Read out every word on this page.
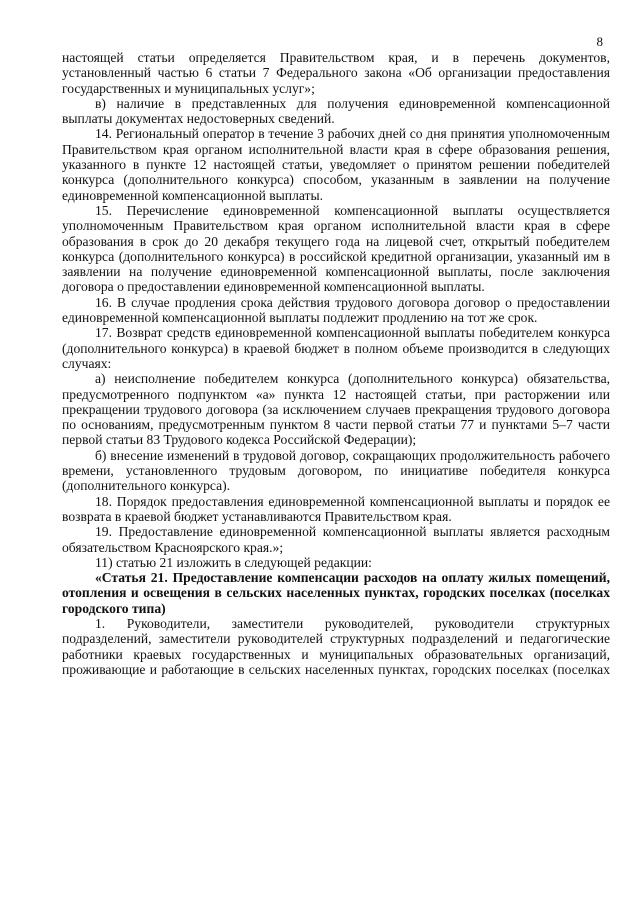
8

настоящей статьи определяется Правительством края, и в перечень документов, установленный частью 6 статьи 7 Федерального закона «Об организации предоставления государственных и муниципальных услуг»;

в) наличие в представленных для получения единовременной компенсационной выплаты документах недостоверных сведений.

14. Региональный оператор в течение 3 рабочих дней со дня принятия уполномоченным Правительством края органом исполнительной власти края в сфере образования решения, указанного в пункте 12 настоящей статьи, уведомляет о принятом решении победителей конкурса (дополнительного конкурса) способом, указанным в заявлении на получение единовременной компенсационной выплаты.

15. Перечисление единовременной компенсационной выплаты осуществляется уполномоченным Правительством края органом исполнительной власти края в сфере образования в срок до 20 декабря текущего года на лицевой счет, открытый победителем конкурса (дополнительного конкурса) в российской кредитной организации, указанный им в заявлении на получение единовременной компенсационной выплаты, после заключения договора о предоставлении единовременной компенсационной выплаты.

16. В случае продления срока действия трудового договора договор о предоставлении единовременной компенсационной выплаты подлежит продлению на тот же срок.

17. Возврат средств единовременной компенсационной выплаты победителем конкурса (дополнительного конкурса) в краевой бюджет в полном объеме производится в следующих случаях:

а) неисполнение победителем конкурса (дополнительного конкурса) обязательства, предусмотренного подпунктом «а» пункта 12 настоящей статьи, при расторжении или прекращении трудового договора (за исключением случаев прекращения трудового договора по основаниям, предусмотренным пунктом 8 части первой статьи 77 и пунктами 5–7 части первой статьи 83 Трудового кодекса Российской Федерации);

б) внесение изменений в трудовой договор, сокращающих продолжительность рабочего времени, установленного трудовым договором, по инициативе победителя конкурса (дополнительного конкурса).

18. Порядок предоставления единовременной компенсационной выплаты и порядок ее возврата в краевой бюджет устанавливаются Правительством края.

19. Предоставление единовременной компенсационной выплаты является расходным обязательством Красноярского края.»;

11) статью 21 изложить в следующей редакции:

«Статья 21. Предоставление компенсации расходов на оплату жилых помещений, отопления и освещения в сельских населенных пунктах, городских поселках (поселках городского типа)

1. Руководители, заместители руководителей, руководители структурных подразделений, заместители руководителей структурных подразделений и педагогические работники краевых государственных и муниципальных образовательных организаций, проживающие и работающие в сельских населенных пунктах, городских поселках (поселках
